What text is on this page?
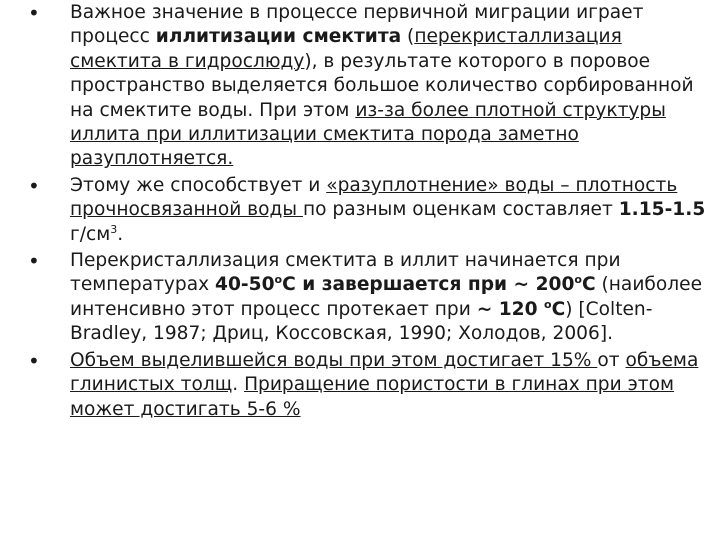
• Важное значение в процессе первичной миграции играет процесс иллитизации смектита (перекристаллизация смектита в гидрослюду), в результате которого в поровое пространство выделяется большое количество сорбированной на смектите воды. При этом из-за более плотной структуры иллита при иллитизации смектита порода заметно разуплотняется.
• Этому же способствует и «разуплотнение» воды – плотность прочносвязанной воды по разным оценкам составляет 1.15-1.5 $г/см^3$.
• Перекристаллизация смектита в иллит начинается при температурах 40-50$^o$С и завершается при ~ 200$^o$С (наиболее интенсивно этот процесс протекает при ~ 120 $^o$С) [Colten-Bradley, 1987; Дриц, Коссовская, 1990; Холодов, 2006].
• Объем выделившейся воды при этом достигает 15% от объема глинистых толщ. Приращение пористости в глинах при этом может достигать 5-6 %
